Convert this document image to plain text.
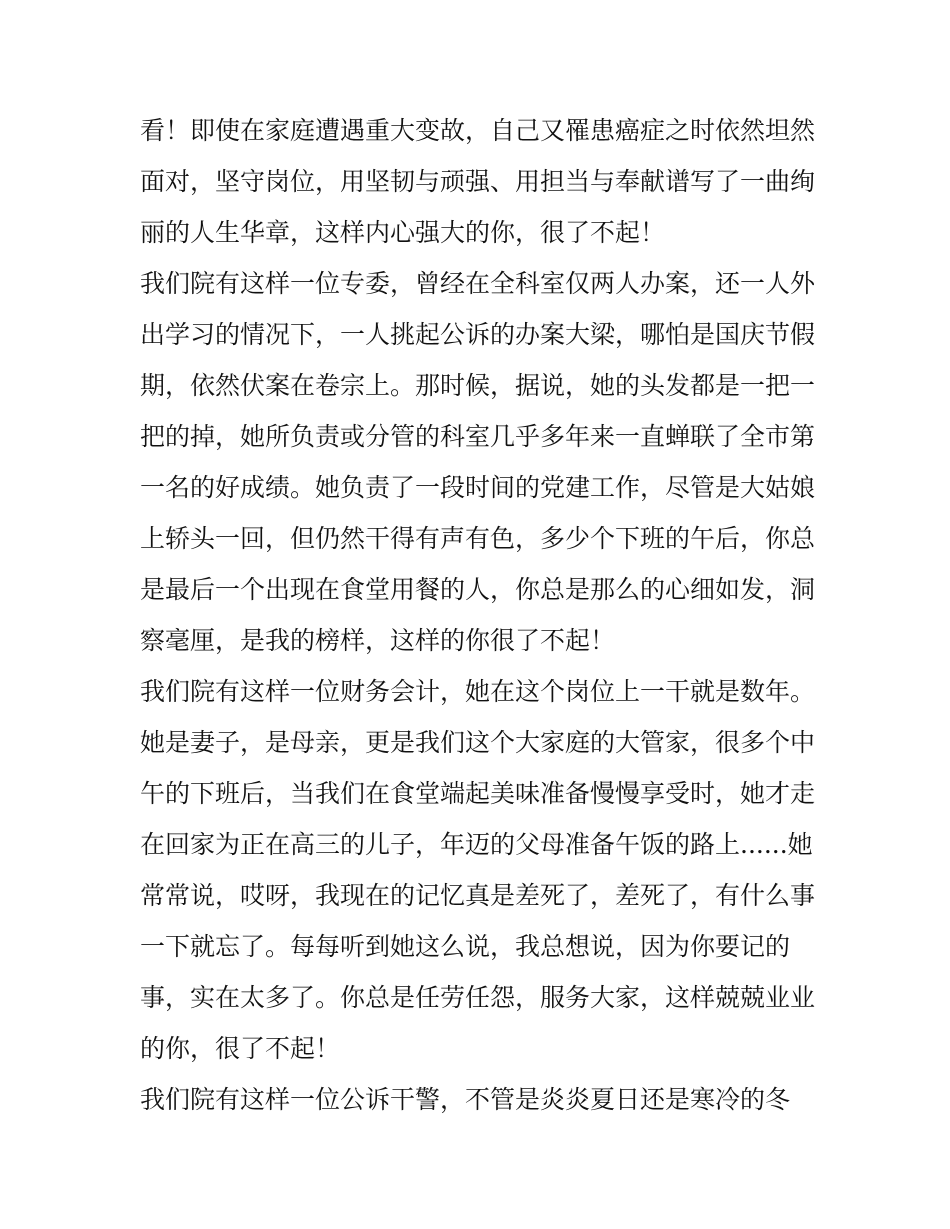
看！即使在家庭遭遇重大变故，自己又罹患癌症之时依然坦然
面对，坚守岗位，用坚韧与顽强、用担当与奉献谱写了一曲绚
丽的人生华章，这样内心强大的你，很了不起！
我们院有这样一位专委，曾经在全科室仅两人办案，还一人外
出学习的情况下，一人挑起公诉的办案大梁，哪怕是国庆节假
期，依然伏案在卷宗上。那时候，据说，她的头发都是一把一
把的掉，她所负责或分管的科室几乎多年来一直蝉联了全市第
一名的好成绩。她负责了一段时间的党建工作，尽管是大姑娘
上轿头一回，但仍然干得有声有色，多少个下班的午后，你总
是最后一个出现在食堂用餐的人，你总是那么的心细如发，洞
察毫厘，是我的榜样，这样的你很了不起！
我们院有这样一位财务会计，她在这个岗位上一干就是数年。
她是妻子，是母亲，更是我们这个大家庭的大管家，很多个中
午的下班后，当我们在食堂端起美味准备慢慢享受时，她才走
在回家为正在高三的儿子，年迈的父母准备午饭的路上......她
常常说，哎呀，我现在的记忆真是差死了，差死了，有什么事
一下就忘了。每每听到她这么说，我总想说，因为你要记的
事，实在太多了。你总是任劳任怨，服务大家，这样兢兢业业
的你，很了不起！
我们院有这样一位公诉干警，不管是炎炎夏日还是寒冷的冬
